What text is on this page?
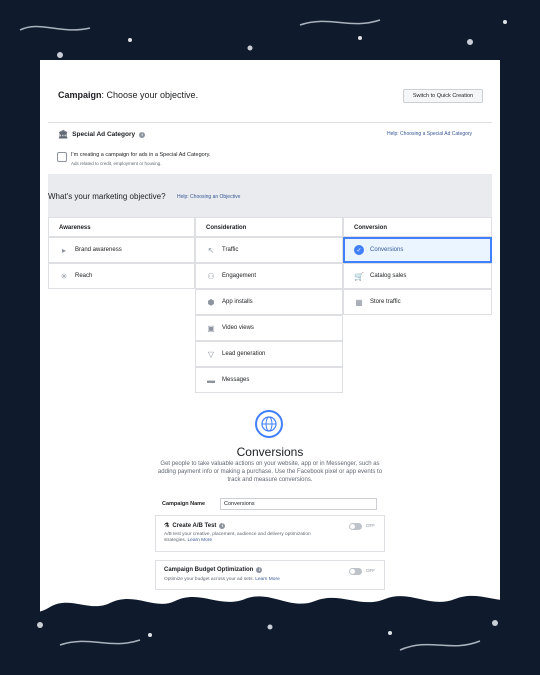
Campaign: Choose your objective.	Switch to Quick Creation
🏛 Special Ad Category	i	Help: Choosing a Special Ad Category
I'm creating a campaign for ads in a Special Ad Category.
Ads related to credit, employment or housing.
What's your marketing objective? Help: Choosing an Objective
Awareness	Consideration	Conversion
▸	Brand awareness
✳ Reach
↖ Traffic
⚇ Engagement
⬢ App installs
▣ Video views
▽	Lead generation
▬ Messages
✓	Conversions
🛒 Catalog sales
▦ Store traffic
Conversions
Get people to take valuable actions on your website, app or in Messenger, such as adding payment info or making a purchase. Use the Facebook pixel or app events to track and measure conversions.
Campaign Name	Conversions
⚗ Create A/B Test	i
A/B test your creative, placement, audience and delivery optimization strategies. Learn More
OFF
Campaign Budget Optimization	i
Optimize your budget across your ad sets. Learn More
OFF
